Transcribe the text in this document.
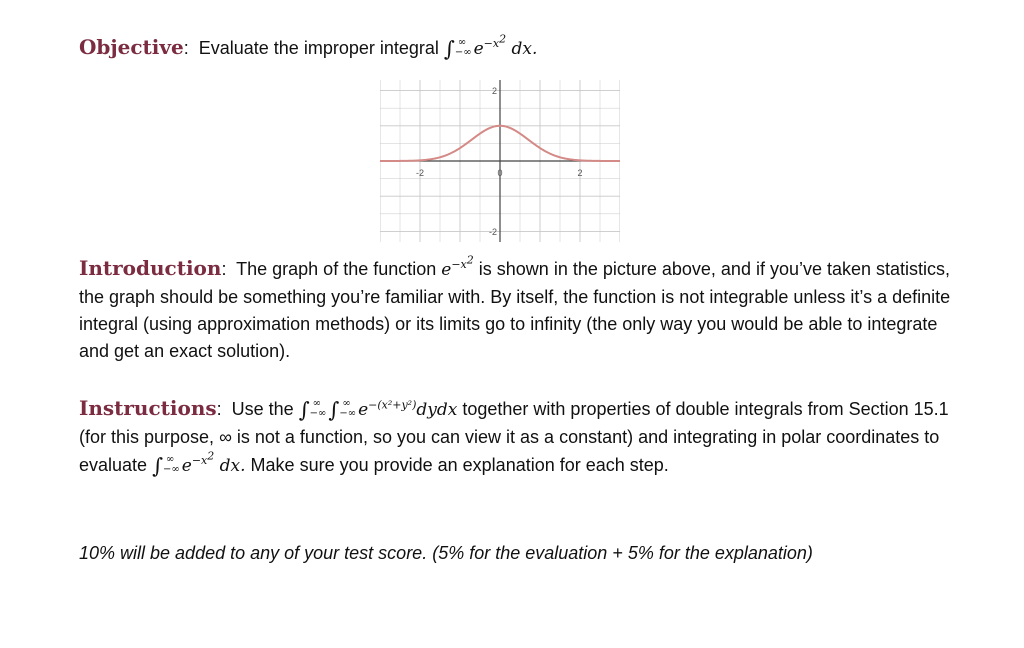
Objective:  Evaluate the improper integral ∫ ∞
−∞ $e^{-x^2}$ dx.
-2	0	2
2
-2
Introduction:  The graph of the function $e^{-x^2}$ is shown in the picture above, and if you’ve taken statistics, the graph should be something you’re familiar with. By itself, the function is not integrable unless it’s a definite integral (using approximation methods) or its limits go to infinity (the only way you would be able to integrate and get an exact solution).
Instructions:  Use the ∫ ∞
−∞ ∫ ∞
−∞ $e^{-(x^2+y^2)}dydx$ together with properties of double integrals from Section 15.1 (for this purpose, ∞ is not a function, so you can view it as a constant) and integrating in polar coordinates to evaluate ∫ ∞
−∞ $e^{-x^2}$ dx. Make sure you provide an explanation for each step.
10% will be added to any of your test score. (5% for the evaluation + 5% for the explanation)
